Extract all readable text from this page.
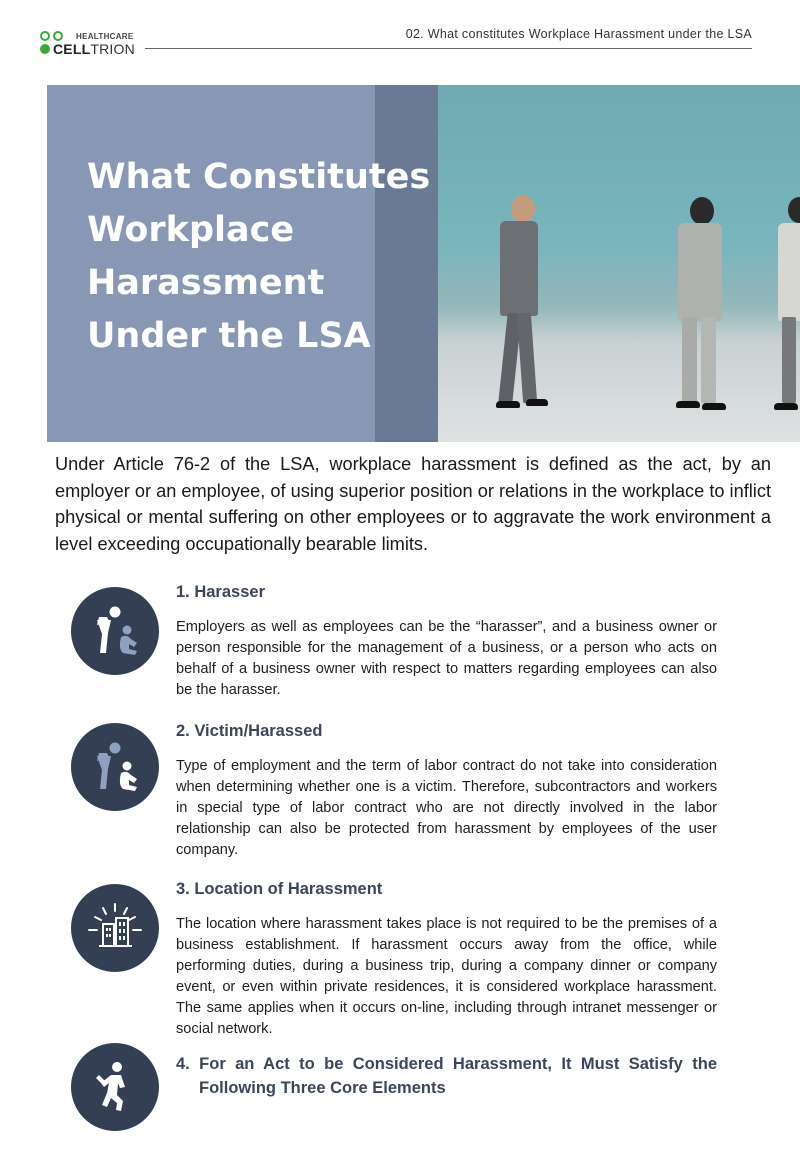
HEALTHCARE
CELLTRION
02. What constitutes Workplace Harassment under the LSA
What Constitutes
Workplace
Harassment
Under the LSA

Under Article 76-2 of the LSA, workplace harassment is defined as the act, by an employer or an employee, of using superior position or relations in the workplace to inflict physical or mental suffering on other employees or to aggravate the work environment a level exceeding occupationally bearable limits.

1. Harasser

Employers as well as employees can be the “harasser”, and a business owner or person responsible for the management of a business, or a person who acts on behalf of a business owner with respect to matters regarding employees can also be the harasser.

2. Victim/Harassed

Type of employment and the term of labor contract do not take into consideration when determining whether one is a victim. Therefore, subcontractors and workers in special type of labor contract who are not directly involved in the labor relationship can also be protected from harassment by employees of the user company.

3. Location of Harassment

The location where harassment takes place is not required to be the premises of a business establishment. If harassment occurs away from the office, while performing duties, during a business trip, during a company dinner or company event, or even within private residences, it is considered workplace harassment. The same applies when it occurs on-line, including through intranet messenger or social network.

4. For an Act to be Considered Harassment, It Must Satisfy the
Following Three Core Elements
